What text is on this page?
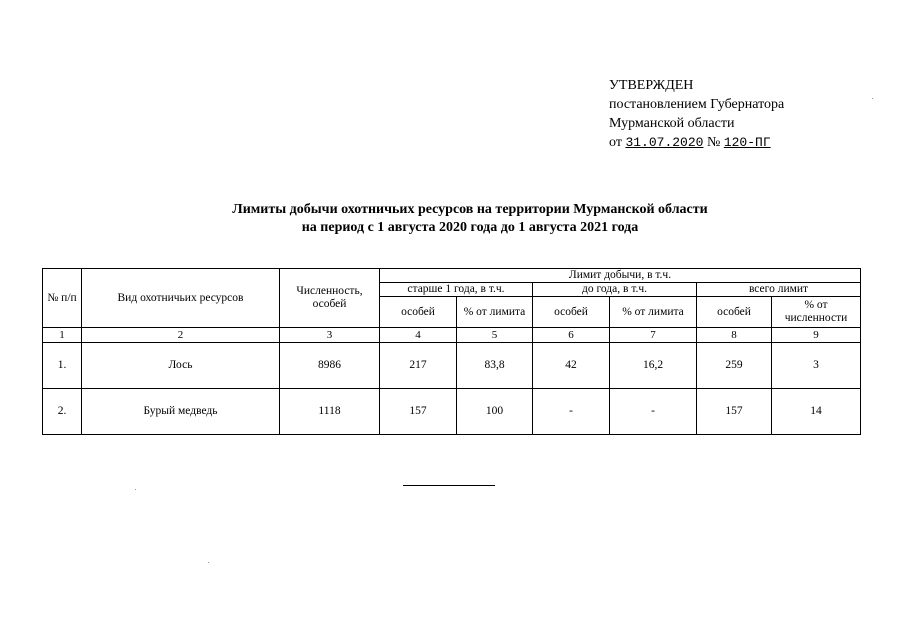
УТВЕРЖДЕН
постановлением Губернатора
Мурманской области
от 31.07.2020 № 120-ПГ
Лимиты добычи охотничьих ресурсов на территории Мурманской области
на период с 1 августа 2020 года до 1 августа 2021 года
№ п/п	Вид охотничьих ресурсов	Численность, особей	Лимит добычи, в т.ч.					
			старше 1 года, в т.ч.		до года, в т.ч.		всего лимит	
			особей	% от лимита	особей	% от лимита	особей	% от численности
1	2	3	4	5	6	7	8	9
1.	Лось	8986	217	83,8	42	16,2	259	3
2.	Бурый медведь	1118	157	100	-	-	157	14
